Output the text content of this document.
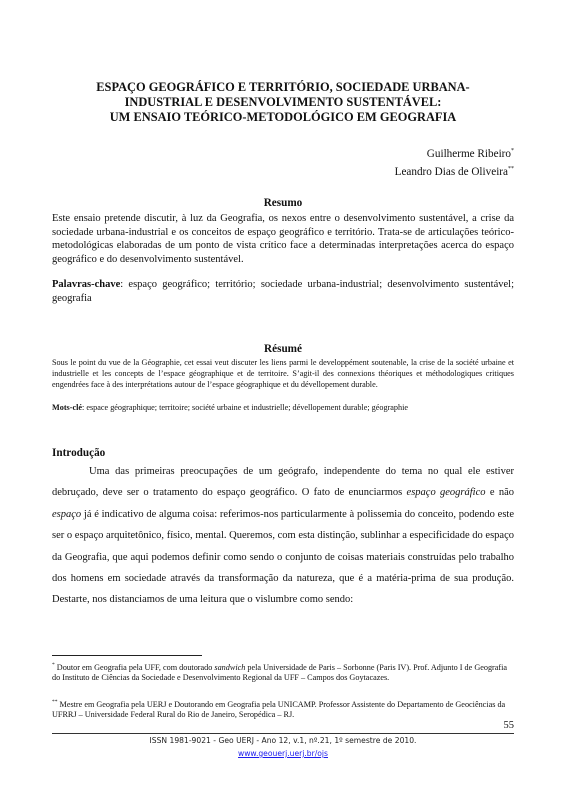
ESPAÇO GEOGRÁFICO E TERRITÓRIO, SOCIEDADE URBANA-
INDUSTRIAL E DESENVOLVIMENTO SUSTENTÁVEL:
UM ENSAIO TEÓRICO-METODOLÓGICO EM GEOGRAFIA
Guilherme Ribeiro*
Leandro Dias de Oliveira**
Resumo
Este ensaio pretende discutir, à luz da Geografia, os nexos entre o desenvolvimento sustentável, a crise da sociedade urbana-industrial e os conceitos de espaço geográfico e território. Trata-se de articulações teórico-metodológicas elaboradas de um ponto de vista crítico face a determinadas interpretações acerca do espaço geográfico e do desenvolvimento sustentável.
Palavras-chave: espaço geográfico; território; sociedade urbana-industrial; desenvolvimento sustentável; geografia
Résumé
Sous le point du vue de la Géographie, cet essai veut discuter les liens parmi le developpément soutenable, la crise de la société urbaine et industrielle et les concepts de l’espace géographique et de territoire. S’agit-il des connexions théoriques et méthodologiques critiques engendrées face à des interprétations autour de l’espace géographique et du dévellopement durable.
Mots-clé: espace géographique; territoire; société urbaine et industrielle; dévellopement durable; géographie
Introdução

Uma das primeiras preocupações de um geógrafo, independente do tema no qual ele estiver debruçado, deve ser o tratamento do espaço geográfico. O fato de enunciarmos espaço geográfico e não espaço já é indicativo de alguma coisa: referimos-nos particularmente à polissemia do conceito, podendo este ser o espaço arquitetônico, físico, mental. Queremos, com esta distinção, sublinhar a especificidade do espaço da Geografia, que aqui podemos definir como sendo o conjunto de coisas materiais construídas pelo trabalho dos homens em sociedade através da transformação da natureza, que é a matéria-prima de sua produção. Destarte, nos distanciamos de uma leitura que o vislumbre como sendo:

* Doutor em Geografia pela UFF, com doutorado sandwich pela Universidade de Paris – Sorbonne (Paris IV). Prof. Adjunto I de Geografia do Instituto de Ciências da Sociedade e Desenvolvimento Regional da UFF – Campos dos Goytacazes.
** Mestre em Geografia pela UERJ e Doutorando em Geografia pela UNICAMP. Professor Assistente do Departamento de Geociências da UFRRJ – Universidade Federal Rural do Rio de Janeiro, Seropédica – RJ.
55
ISSN 1981-9021 - Geo UERJ - Ano 12, v.1, nº.21, 1º semestre de 2010.
www.geouerj.uerj.br/ojs
